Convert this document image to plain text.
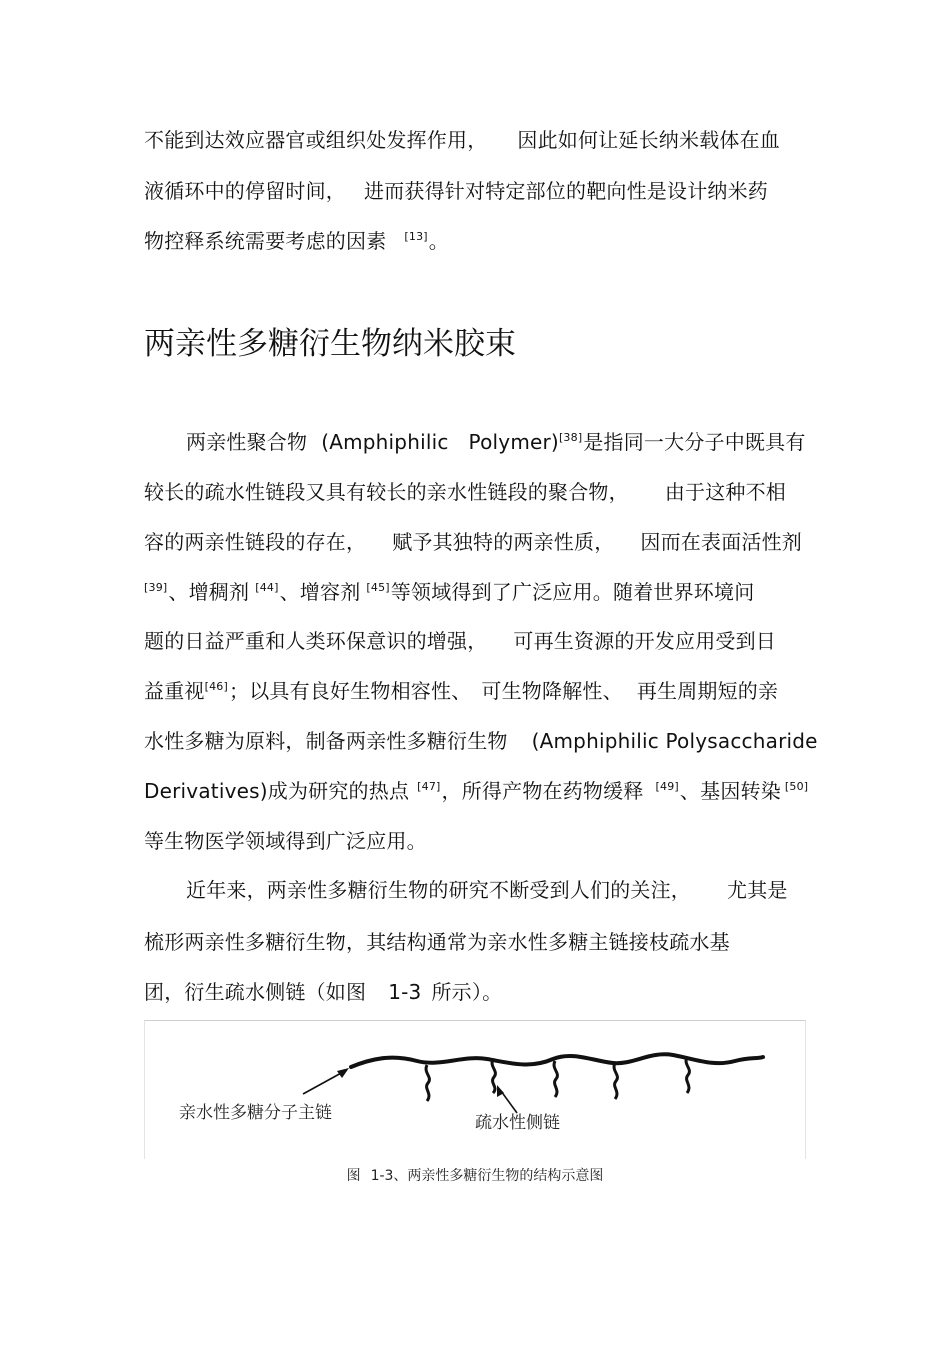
不能到达效应器官或组织处发挥作用， 因此如何让延长纳米载体在血
液循环中的停留时间， 进而获得针对特定部位的靶向性是设计纳米药
物控释系统需要考虑的因素 [13]。
两亲性多糖衍生物纳米胶束
两亲性聚合物 (Amphiphilic Polymer)[38]是指同一大分子中既具有
较长的疏水性链段又具有较长的亲水性链段的聚合物， 由于这种不相
容的两亲性链段的存在， 赋予其独特的两亲性质， 因而在表面活性剂
[39]、增稠剂 [44]、增容剂 [45]等领域得到了广泛应用。随着世界环境问
题的日益严重和人类环保意识的增强， 可再生资源的开发应用受到日
益重视[46]；以具有良好生物相容性、 可生物降解性、 再生周期短的亲
水性多糖为原料，制备两亲性多糖衍生物 (Amphiphilic Polysaccharide
Derivatives)成为研究的热点 [47]，所得产物在药物缓释 [49]、基因转染 [50]
等生物医学领域得到广泛应用。
近年来，两亲性多糖衍生物的研究不断受到人们的关注， 尤其是
梳形两亲性多糖衍生物，其结构通常为亲水性多糖主链接枝疏水基
团，衍生疏水侧链（如图 1-3 所示）。
亲水性多糖分子主链	疏水性侧链
图 1-3、两亲性多糖衍生物的结构示意图
